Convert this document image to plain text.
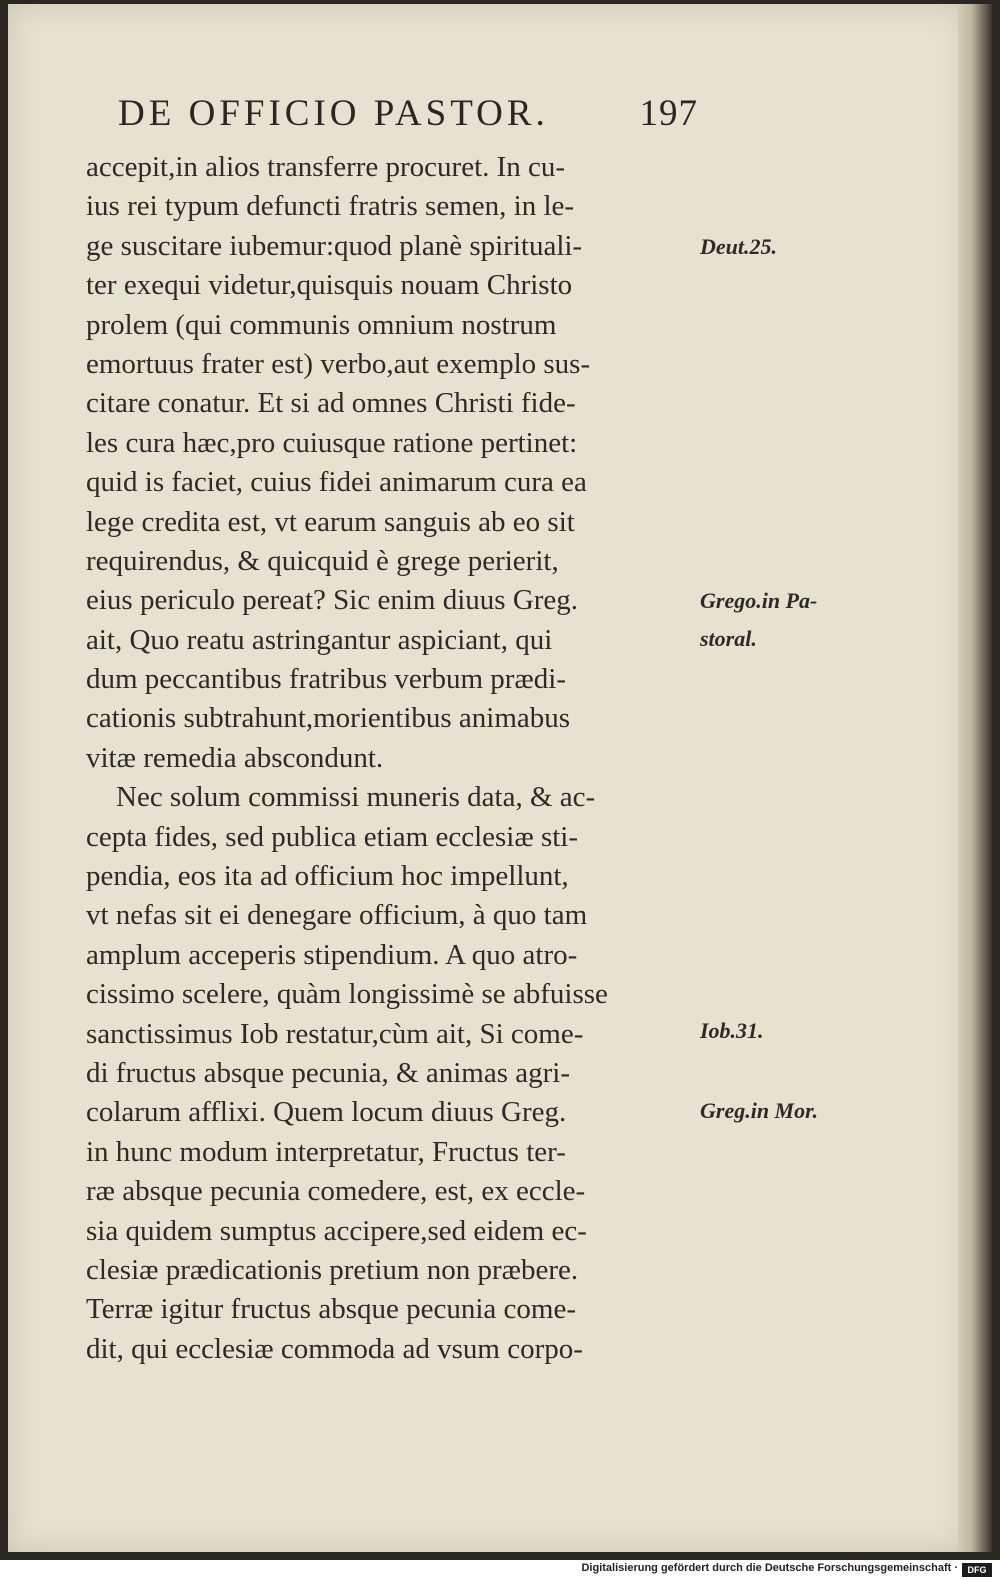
DE OFFICIO PASTOR. 197
accepit,in alios transferre procuret. In cu-
ius rei typum defuncti fratris semen, in le-
ge suscitare iubemur:quod planè spirituali-
ter exequi videtur,quisquis nouam Christo
prolem (qui communis omnium nostrum
emortuus frater est) verbo,aut exemplo sus-
citare conatur. Et si ad omnes Christi fide-
les cura hæc,pro cuiusque ratione pertinet:
quid is faciet, cuius fidei animarum cura ea
lege credita est, vt earum sanguis ab eo sit
requirendus, & quicquid è grege perierit,
eius periculo pereat? Sic enim diuus Greg.
ait, Quo reatu astringantur aspiciant, qui
dum peccantibus fratribus verbum prædi-
cationis subtrahunt,morientibus animabus
vitæ remedia abscondunt.
Nec solum commissi muneris data, & ac-
cepta fides, sed publica etiam ecclesiæ sti-
pendia, eos ita ad officium hoc impellunt,
vt nefas sit ei denegare officium, à quo tam
amplum acceperis stipendium. A quo atro-
cissimo scelere, quàm longissimè se abfuisse
sanctissimus Iob restatur,cùm ait, Si come-
di fructus absque pecunia, & animas agri-
colarum afflixi. Quem locum diuus Greg.
in hunc modum interpretatur, Fructus ter-
ræ absque pecunia comedere, est, ex eccle-
sia quidem sumptus accipere,sed eidem ec-
clesiæ prædicationis pretium non præbere.
Terræ igitur fructus absque pecunia come-
dit, qui ecclesiæ commoda ad vsum corpo-
Deut.25.
Grego.in Pa-
storal.
Iob.31.
Greg.in Mor.
Digitalisierung gefördert durch die Deutsche Forschungsgemeinschaft ·	DFG
